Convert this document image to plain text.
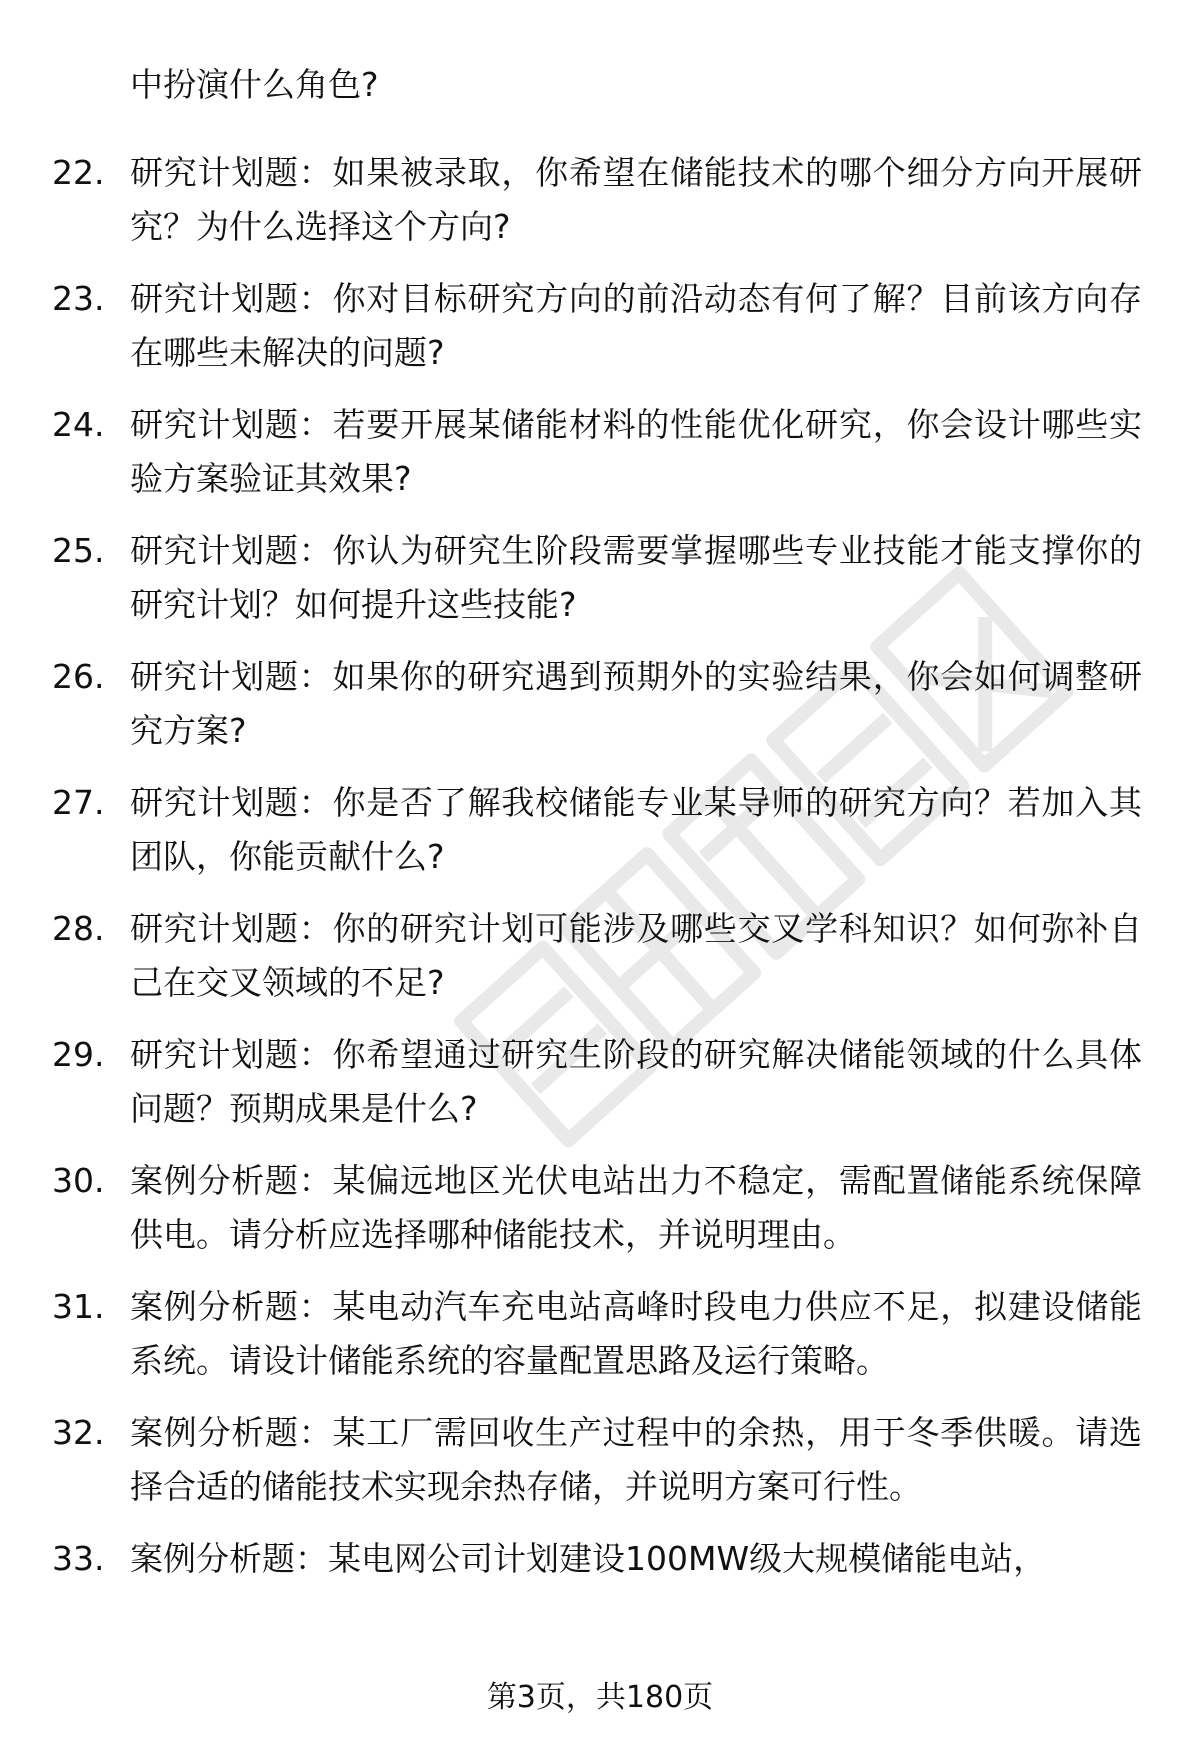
中扮演什么角色?
22. 研究计划题：如果被录取，你希望在储能技术的哪个细分方向开展研究？为什么选择这个方向?
23. 研究计划题：你对目标研究方向的前沿动态有何了解？目前该方向存在哪些未解决的问题?
24. 研究计划题：若要开展某储能材料的性能优化研究，你会设计哪些实验方案验证其效果?
25. 研究计划题：你认为研究生阶段需要掌握哪些专业技能才能支撑你的研究计划？如何提升这些技能?
26. 研究计划题：如果你的研究遇到预期外的实验结果，你会如何调整研究方案?
27. 研究计划题：你是否了解我校储能专业某导师的研究方向？若加入其团队，你能贡献什么?
28. 研究计划题：你的研究计划可能涉及哪些交叉学科知识？如何弥补自己在交叉领域的不足?
29. 研究计划题：你希望通过研究生阶段的研究解决储能领域的什么具体问题？预期成果是什么?
30. 案例分析题：某偏远地区光伏电站出力不稳定，需配置储能系统保障供电。请分析应选择哪种储能技术，并说明理由。
31. 案例分析题：某电动汽车充电站高峰时段电力供应不足，拟建设储能系统。请设计储能系统的容量配置思路及运行策略。
32. 案例分析题：某工厂需回收生产过程中的余热，用于冬季供暖。请选择合适的储能技术实现余热存储，并说明方案可行性。
33. 案例分析题：某电网公司计划建设100MW级大规模储能电站，
第3页，共180页
